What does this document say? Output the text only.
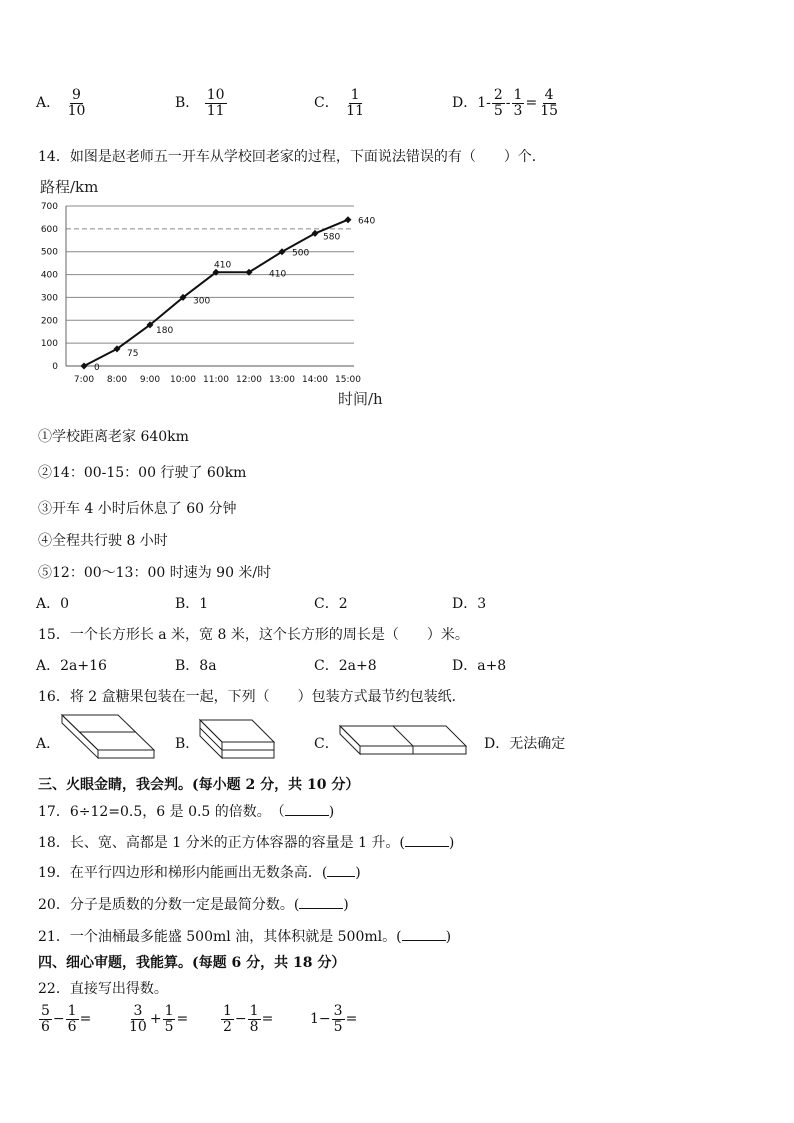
A． $\frac{9}{10}$	B． $\frac{10}{11}$	C． $\frac{1}{11}$	D．$1- \frac{2}{5} - \frac{1}{3} = \frac{4}{15}$
14．如图是赵老师五一开车从学校回老家的过程，下面说法错误的有（　　）个．
路程/km
时间/h
0
100
200
300
400
500
600
700
7:00 8:00 9:00 10:00 11:00 12:00 13:00 14:00 15:00
0
75
180
300
410
410
500
580
640
①学校距离老家 640km
②14：00-15：00 行驶了 60km
③开车 4 小时后休息了 60 分钟
④全程共行驶 8 小时
⑤12：00～13：00 时速为 90 米/时
A．0	B．1	C．2	D．3
15．一个长方形长 a 米，宽 8 米，这个长方形的周长是（　　）米。
A．2a+16	B．8a	C．2a+8	D．a+8
16．将 2 盒糖果包装在一起，下列（　　）包装方式最节约包装纸．
A．	B．	C．	D．无法确定
三、火眼金睛，我会判。(每小题 2 分，共 10 分）
17．6÷12=0.5，6 是 0.5 的倍数。　（	)
18．长、宽、高都是 1 分米的正方体容器的容量是 1 升。(	)
19．在平行四边形和梯形内能画出无数条高．( )
20．分子是质数的分数一定是最简分数。(	)
21．一个油桶最多能盛 500ml 油，其体积就是 500ml。(	)
四、细心审题，我能算。(每题 6 分，共 18 分）
22．直接写出得数。
$\frac{5}{6} - \frac{1}{6}$ =	$\frac{3}{10} + \frac{1}{5} = \frac{1}{2} - \frac{1}{8}$ =	$1- \frac{3}{5}$ =
